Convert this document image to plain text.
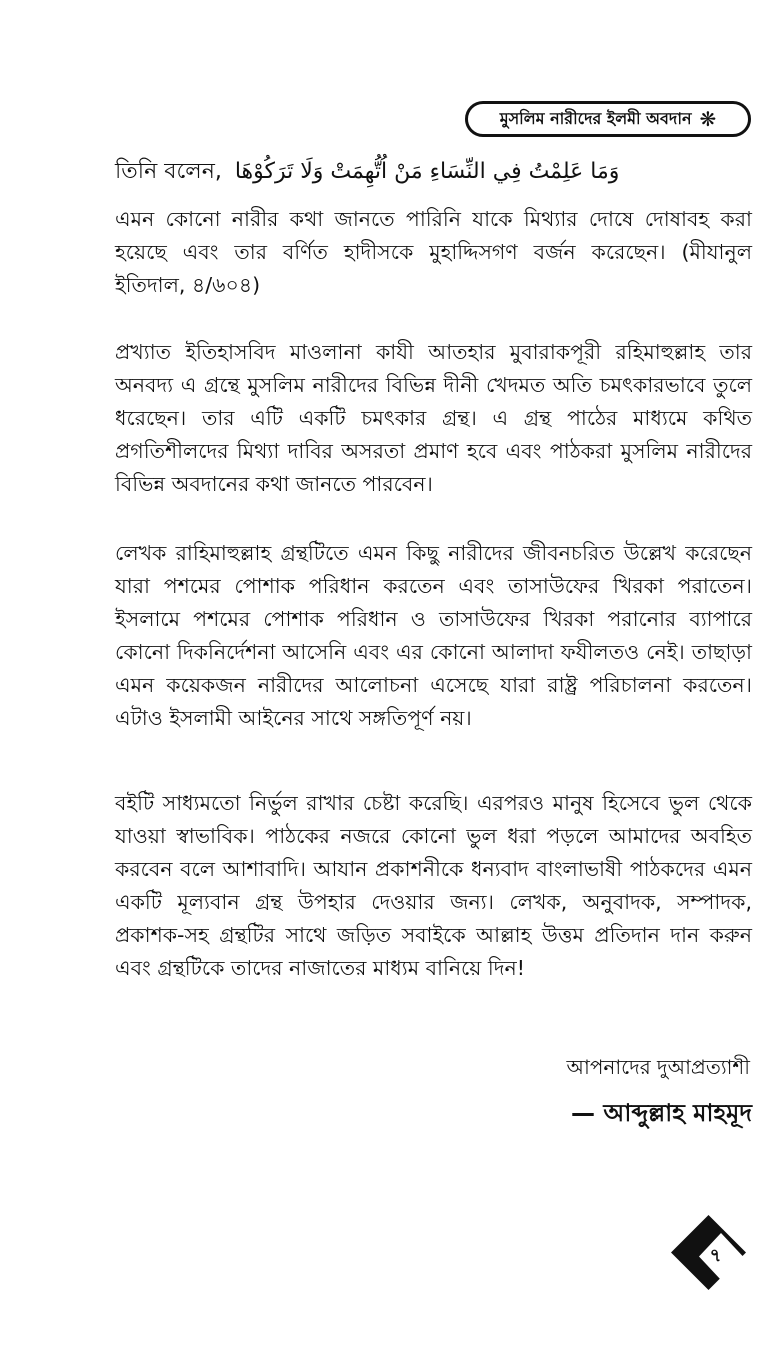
মুসলিম নারীদের ইলমী অবদান ❋
তিনি বলেন, وَمَا عَلِمْتُ فِي النِّسَاءِ مَنْ اُتُّهِمَتْ وَلَا تَرَكُوْهَا

এমন কোনো নারীর কথা জানতে পারিনি যাকে মিথ্যার দোষে দোষাবহ করা হয়েছে এবং তার বর্ণিত হাদীসকে মুহাদ্দিসগণ বর্জন করেছেন। (মীযানুল ইতিদাল, ৪/৬০৪)

প্রখ্যাত ইতিহাসবিদ মাওলানা কাযী আতহার মুবারাকপূরী রহিমাহুল্লাহ তার অনবদ্য এ গ্রন্থে মুসলিম নারীদের বিভিন্ন দীনী খেদমত অতি চমৎকারভাবে তুলে ধরেছেন। তার এটি একটি চমৎকার গ্রন্থ। এ গ্রন্থ পাঠের মাধ্যমে কথিত প্রগতিশীলদের মিথ্যা দাবির অসরতা প্রমাণ হবে এবং পাঠকরা মুসলিম নারীদের বিভিন্ন অবদানের কথা জানতে পারবেন।

লেখক রাহিমাহুল্লাহ গ্রন্থটিতে এমন কিছু নারীদের জীবনচরিত উল্লেখ করেছেন যারা পশমের পোশাক পরিধান করতেন এবং তাসাউফের খিরকা পরাতেন। ইসলামে পশমের পোশাক পরিধান ও তাসাউফের খিরকা পরানোর ব্যাপারে কোনো দিকনির্দেশনা আসেনি এবং এর কোনো আলাদা ফযীলতও নেই। তাছাড়া এমন কয়েকজন নারীদের আলোচনা এসেছে যারা রাষ্ট্র পরিচালনা করতেন। এটাও ইসলামী আইনের সাথে সঙ্গতিপূর্ণ নয়।

বইটি সাধ্যমতো নির্ভুল রাখার চেষ্টা করেছি। এরপরও মানুষ হিসেবে ভুল থেকে যাওয়া স্বাভাবিক। পাঠকের নজরে কোনো ভুল ধরা পড়লে আমাদের অবহিত করবেন বলে আশাবাদি। আযান প্রকাশনীকে ধন্যবাদ বাংলাভাষী পাঠকদের এমন একটি মূল্যবান গ্রন্থ উপহার দেওয়ার জন্য। লেখক, অনুবাদক, সম্পাদক, প্রকাশক-সহ গ্রন্থটির সাথে জড়িত সবাইকে আল্লাহ উত্তম প্রতিদান দান করুন এবং গ্রন্থটিকে তাদের নাজাতের মাধ্যম বানিয়ে দিন!

আপনাদের দুআপ্রত্যাশী
— আব্দুল্লাহ মাহমূদ
৭
